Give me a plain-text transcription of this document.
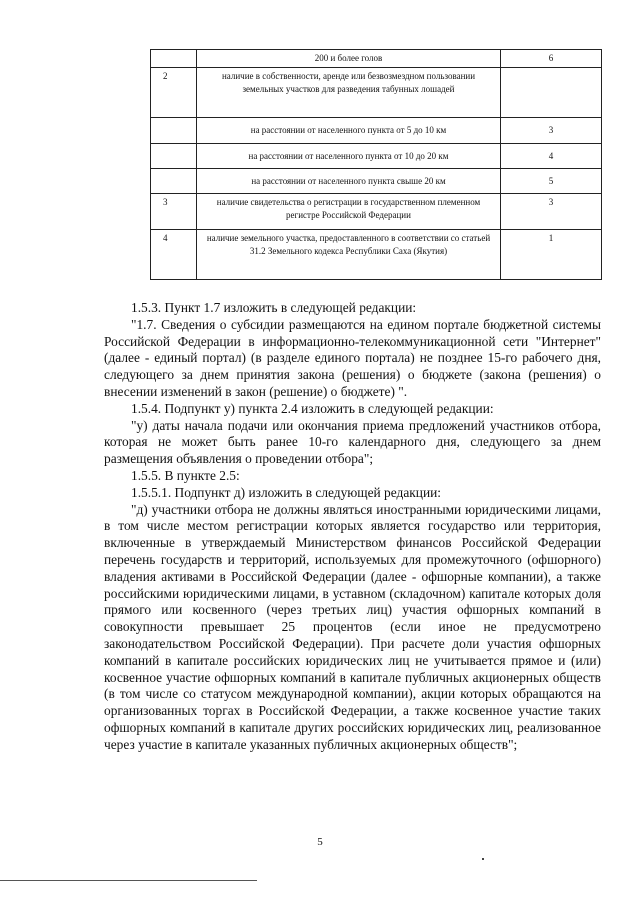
	200 и более голов	6
2	наличие в собственности, аренде или безвозмездном пользовании земельных участков для разведения табунных лошадей	
	на расстоянии от населенного пункта от 5 до 10 км	3
	на расстоянии от населенного пункта от 10 до 20 км	4
	на расстоянии от населенного пункта свыше 20 км	5
3	наличие свидетельства о регистрации в государственном племенном регистре Российской Федерации	3
4	наличие земельного участка, предоставленного в соответствии со статьей 31.2 Земельного кодекса Республики Саха (Якутия)	1

1.5.3. Пункт 1.7 изложить в следующей редакции:

"1.7. Сведения о субсидии размещаются на едином портале бюджетной системы Российской Федерации в информационно-телекоммуникационной сети "Интернет" (далее - единый портал) (в разделе единого портала) не позднее 15-го рабочего дня, следующего за днем принятия закона (решения) о бюджете (закона (решения) о внесении изменений в закон (решение) о бюджете) ".

1.5.4. Подпункт у) пункта 2.4 изложить в следующей редакции:

"у) даты начала подачи или окончания приема предложений участников отбора, которая не может быть ранее 10-го календарного дня, следующего за днем размещения объявления о проведении отбора";

1.5.5. В пункте 2.5:

1.5.5.1. Подпункт д) изложить в следующей редакции:

"д) участники отбора не должны являться иностранными юридическими лицами, в том числе местом регистрации которых является государство или территория, включенные в утверждаемый Министерством финансов Российской Федерации перечень государств и территорий, используемых для промежуточного (офшорного) владения активами в Российской Федерации (далее - офшорные компании), а также российскими юридическими лицами, в уставном (складочном) капитале которых доля прямого или косвенного (через третьих лиц) участия офшорных компаний в совокупности превышает 25 процентов (если иное не предусмотрено законодательством Российской Федерации). При расчете доли участия офшорных компаний в капитале российских юридических лиц не учитывается прямое и (или) косвенное участие офшорных компаний в капитале публичных акционерных обществ (в том числе со статусом международной компании), акции которых обращаются на организованных торгах в Российской Федерации, а также косвенное участие таких офшорных компаний в капитале других российских юридических лиц, реализованное через участие в капитале указанных публичных акционерных обществ";

5
